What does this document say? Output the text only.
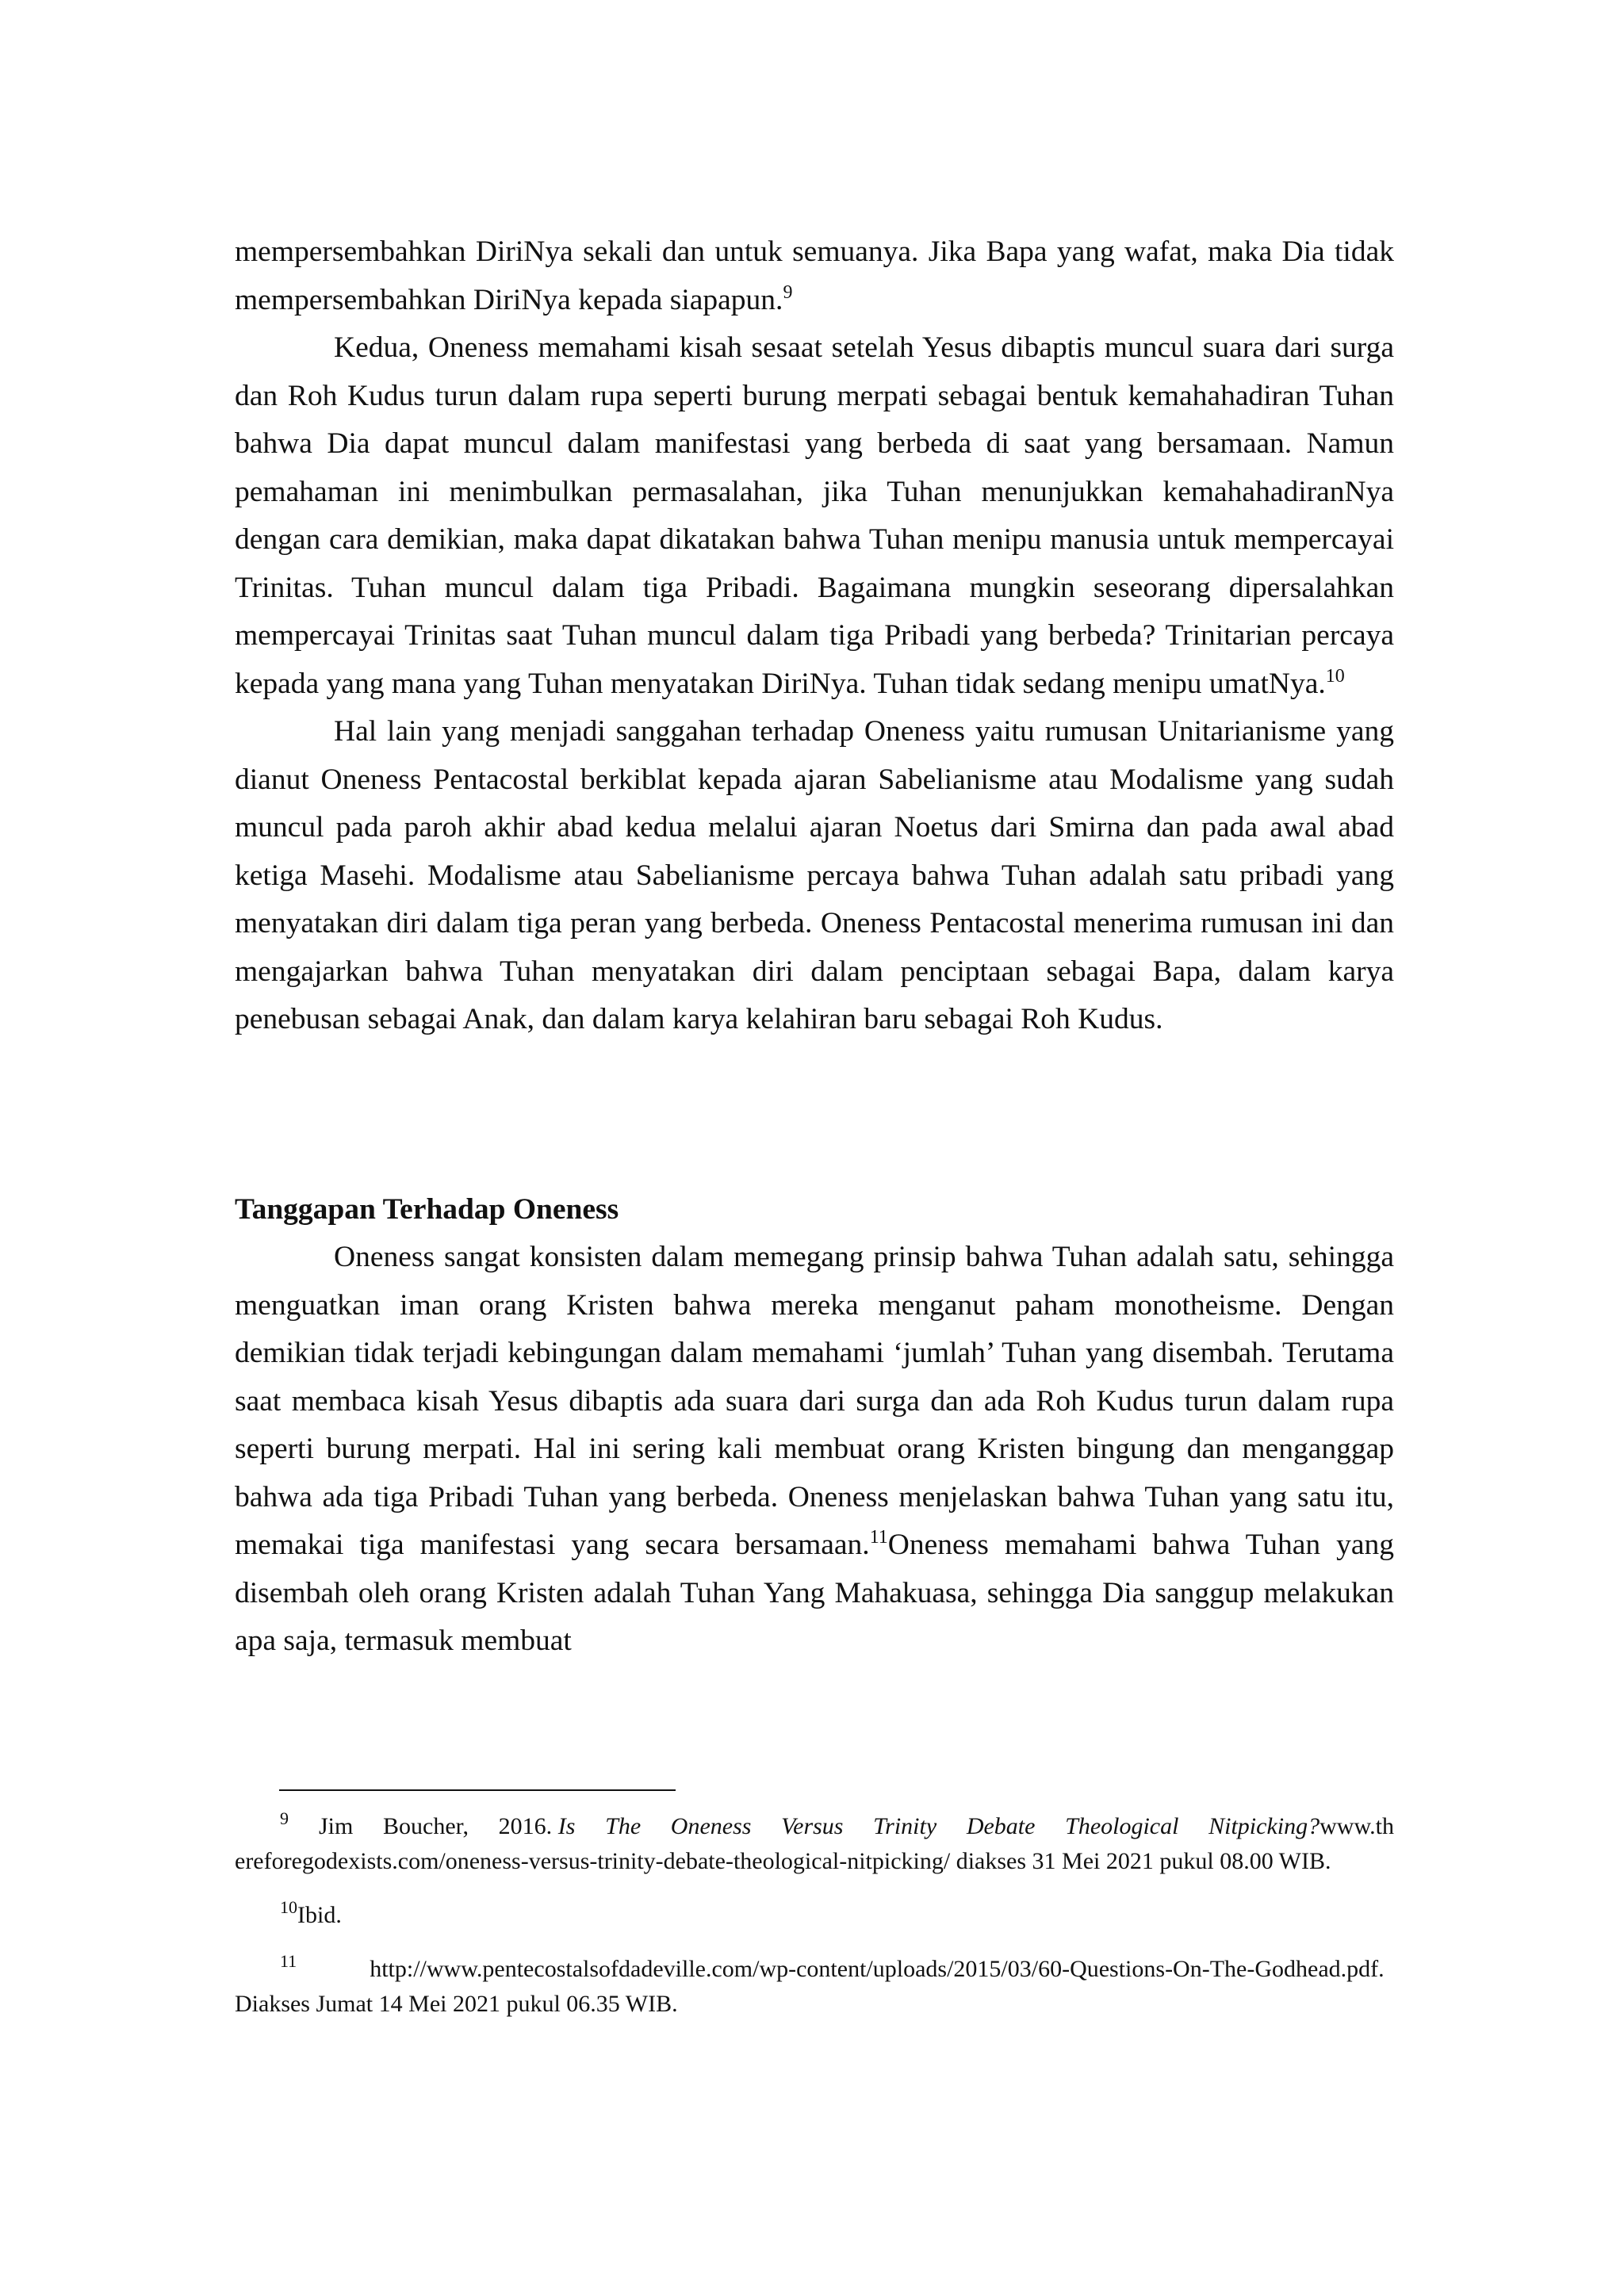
mempersembahkan DiriNya sekali dan untuk semuanya. Jika Bapa yang wafat, maka Dia tidak mempersembahkan DiriNya kepada siapapun.$^9$

Kedua, Oneness memahami kisah sesaat setelah Yesus dibaptis muncul suara dari surga dan Roh Kudus turun dalam rupa seperti burung merpati sebagai bentuk kemahahadiran Tuhan bahwa Dia dapat muncul dalam manifestasi yang berbeda di saat yang bersamaan. Namun pemahaman ini menimbulkan permasalahan, jika Tuhan menunjukkan kemahahadiranNya dengan cara demikian, maka dapat dikatakan bahwa Tuhan menipu manusia untuk mempercayai Trinitas. Tuhan muncul dalam tiga Pribadi. Bagaimana mungkin seseorang dipersalahkan mempercayai Trinitas saat Tuhan muncul dalam tiga Pribadi yang berbeda? Trinitarian percaya kepada yang mana yang Tuhan menyatakan DiriNya. Tuhan tidak sedang menipu umatNya.$^{10}$

Hal lain yang menjadi sanggahan terhadap Oneness yaitu rumusan Unitarianisme yang dianut Oneness Pentacostal berkiblat kepada ajaran Sabelianisme atau Modalisme yang sudah muncul pada paroh akhir abad kedua melalui ajaran Noetus dari Smirna dan pada awal abad ketiga Masehi. Modalisme atau Sabelianisme percaya bahwa Tuhan adalah satu pribadi yang menyatakan diri dalam tiga peran yang berbeda. Oneness Pentacostal menerima rumusan ini dan mengajarkan bahwa Tuhan menyatakan diri dalam penciptaan sebagai Bapa, dalam karya penebusan sebagai Anak, dan dalam karya kelahiran baru sebagai Roh Kudus.

Tanggapan Terhadap Oneness

Oneness sangat konsisten dalam memegang prinsip bahwa Tuhan adalah satu, sehingga menguatkan iman orang Kristen bahwa mereka menganut paham monotheisme. Dengan demikian tidak terjadi kebingungan dalam memahami ‘jumlah’ Tuhan yang disembah. Terutama saat membaca kisah Yesus dibaptis ada suara dari surga dan ada Roh Kudus turun dalam rupa seperti burung merpati. Hal ini sering kali membuat orang Kristen bingung dan menganggap bahwa ada tiga Pribadi Tuhan yang berbeda. Oneness menjelaskan bahwa Tuhan yang satu itu, memakai tiga manifestasi yang secara bersamaan.$^{11}$Oneness memahami bahwa Tuhan yang disembah oleh orang Kristen adalah Tuhan Yang Mahakuasa, sehingga Dia sanggup melakukan apa saja, termasuk membuat

$^9$ Jim Boucher, 2016. Is The Oneness Versus Trinity Debate Theological Nitpicking?www.thereforegodexists.com/oneness-versus-trinity-debate-theological-nitpicking/ diakses 31 Mei 2021 pukul 08.00 WIB.

$^{10}$Ibid.

$^{11}$	http://www.pentecostalsofdadeville.com/wp-content/uploads/2015/03/60-Questions-On-The-Godhead.pdf. Diakses Jumat 14 Mei 2021 pukul 06.35 WIB.
